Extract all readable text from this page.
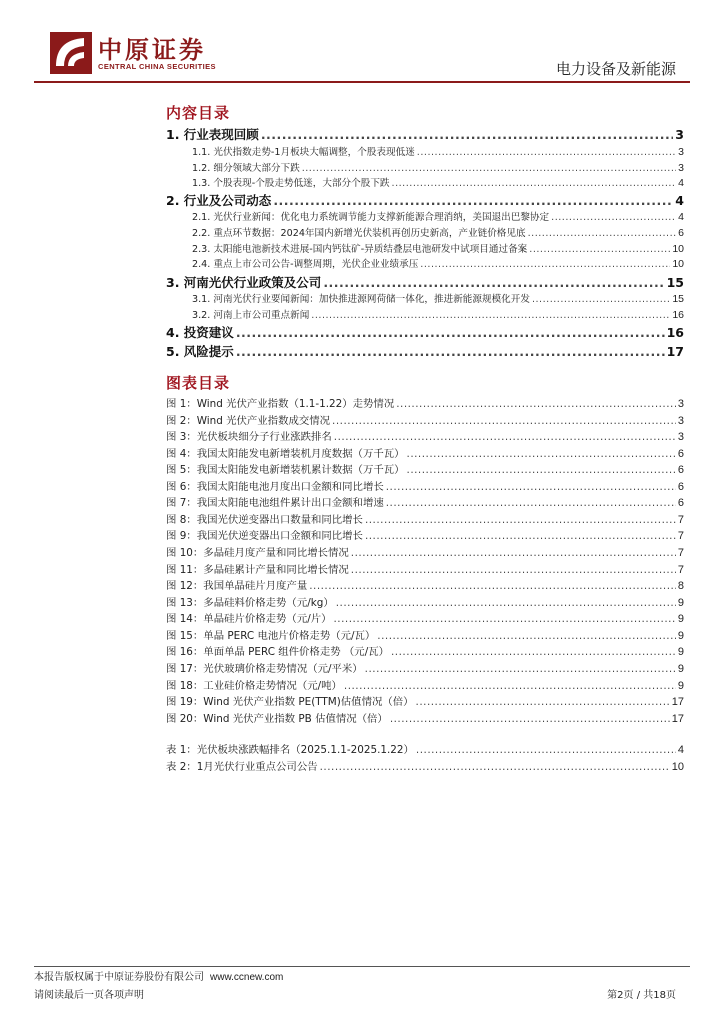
中原证券
CENTRAL CHINA SECURITIES	电力设备及新能源
内容目录
1. 行业表现回顾 .....	3
1.1. 光伏指数走势-1月板块大幅调整，个股表现低迷 .....	3
1.2. 细分领域大部分下跌 .....	3
1.3. 个股表现-个股走势低迷，大部分个股下跌 .....	4
2. 行业及公司动态 .....	4
2.1. 光伏行业新闻：优化电力系统调节能力支撑新能源合理消纳，美国退出巴黎协定 .....	4
2.2. 重点环节数据：2024年国内新增光伏装机再创历史新高，产业链价格见底 .....	6
2.3. 太阳能电池新技术进展-国内钙钛矿-异质结叠层电池研发中试项目通过备案 .....	10
2.4. 重点上市公司公告-调整周期，光伏企业业绩承压 .....	10
3. 河南光伏行业政策及公司 .....	15
3.1. 河南光伏行业要闻新闻：加快推进源网荷储一体化，推进新能源规模化开发 .....	15
3.2. 河南上市公司重点新闻 .....	16
4. 投资建议 .....	16
5. 风险提示 .....	17
图表目录
图 1：Wind 光伏产业指数（1.1-1.22）走势情况 .....	3
图 2：Wind 光伏产业指数成交情况 .....	3
图 3：光伏板块细分子行业涨跌排名 .....	3
图 4：我国太阳能发电新增装机月度数据（万千瓦） .....	6
图 5：我国太阳能发电新增装机累计数据（万千瓦） .....	6
图 6：我国太阳能电池月度出口金额和同比增长 .....	6
图 7：我国太阳能电池组件累计出口金额和增速 .....	6
图 8：我国光伏逆变器出口数量和同比增长 .....	7
图 9：我国光伏逆变器出口金额和同比增长 .....	7
图 10：多晶硅月度产量和同比增长情况 .....	7
图 11：多晶硅累计产量和同比增长情况 .....	7
图 12：我国单晶硅片月度产量 .....	8
图 13：多晶硅料价格走势（元/kg） .....	9
图 14：单晶硅片价格走势（元/片） .....	9
图 15：单晶 PERC 电池片价格走势（元/瓦） .....	9
图 16：单面单晶 PERC 组件价格走势 （元/瓦） .....	9
图 17：光伏玻璃价格走势情况（元/平米） .....	9
图 18：工业硅价格走势情况（元/吨） .....	9
图 19：Wind 光伏产业指数 PE(TTM)估值情况（倍） .....	17
图 20：Wind 光伏产业指数 PB 估值情况（倍） .....	17
表 1：光伏板块涨跌幅排名（2025.1.1-2025.1.22） .....	4
表 2：1月光伏行业重点公司公告 .....	10
本报告版权属于中原证券股份有限公司 www.ccnew.com
请阅读最后一页各项声明	第2页 / 共18页
